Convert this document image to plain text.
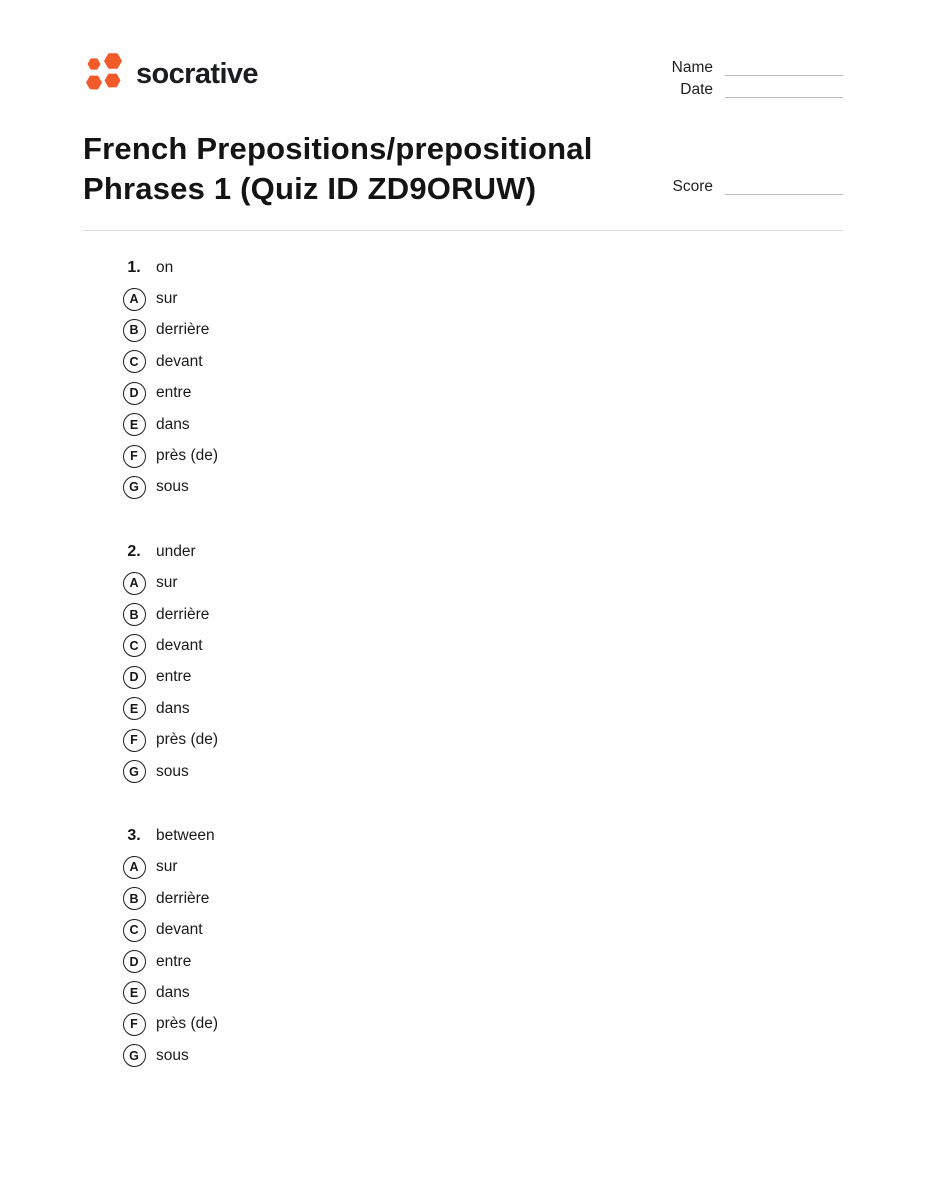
socrative	Name
Date
French Prepositions/prepositional Phrases 1 (Quiz ID ZD9ORUW)	Score
1. on
A	sur
B	derrière
C	devant
D	entre
E	dans
F	près (de)
G	sous
2. under
A	sur
B	derrière
C	devant
D	entre
E	dans
F	près (de)
G	sous
3. between
A	sur
B	derrière
C	devant
D	entre
E	dans
F	près (de)
G	sous
